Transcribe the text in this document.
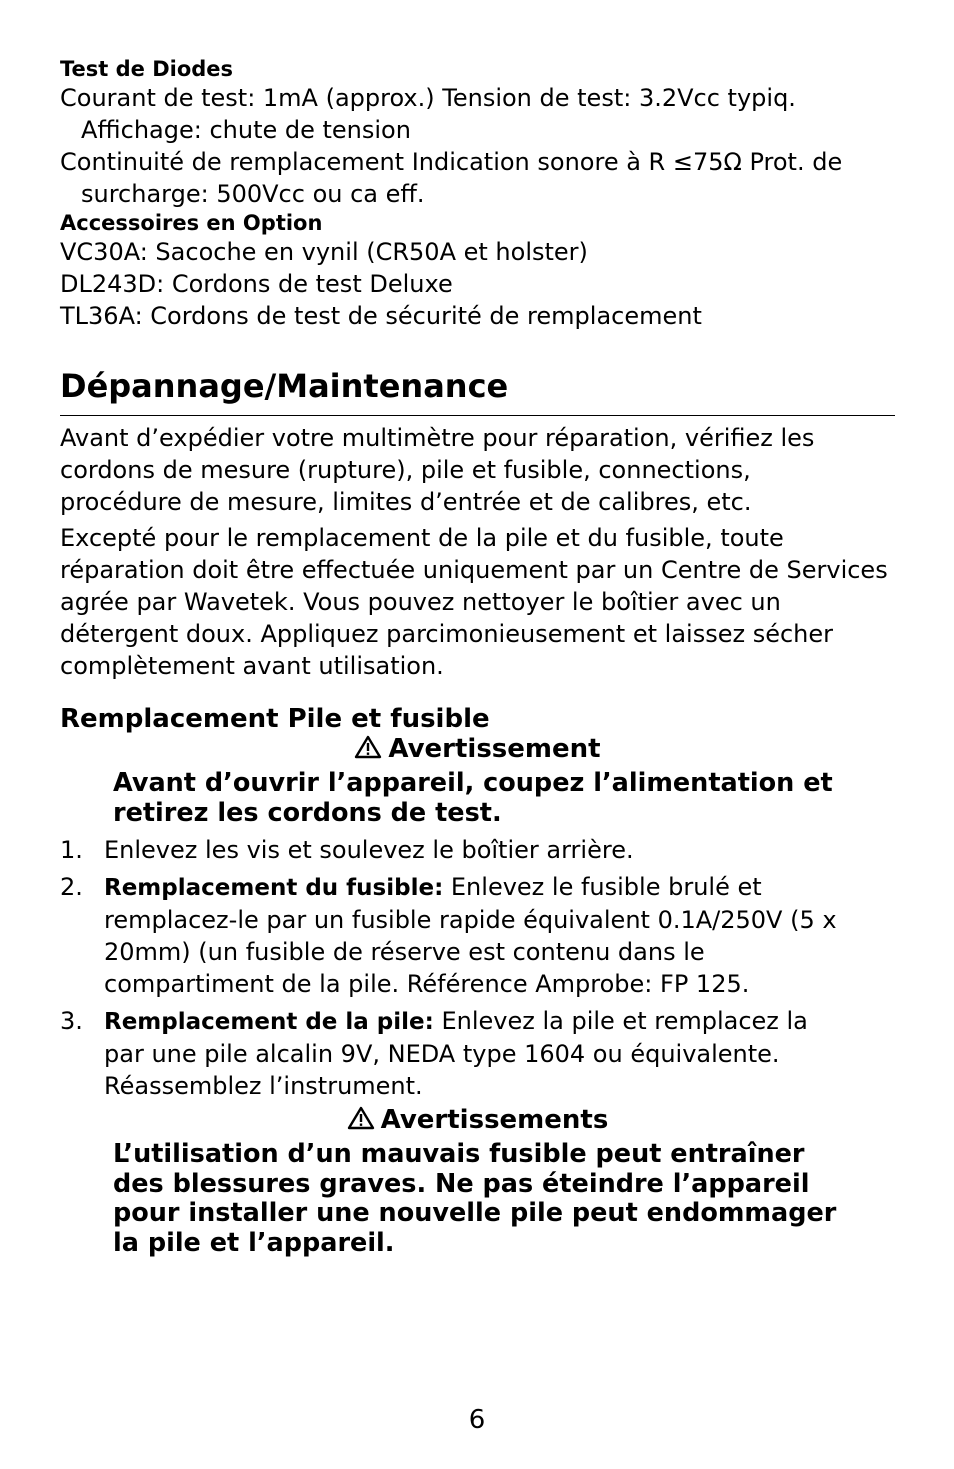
Test de Diodes
Courant de test: 1mA (approx.) Tension de test: 3.2Vcc typiq. Affichage: chute de tension
Continuité de remplacement Indication sonore à R ≤75Ω Prot. de surcharge: 500Vcc ou ca eff.
Accessoires en Option
VC30A: Sacoche en vynil (CR50A et holster)
DL243D: Cordons de test Deluxe
TL36A: Cordons de test de sécurité de remplacement
Dépannage/Maintenance

Avant d’expédier votre multimètre pour réparation, vérifiez les cordons de mesure (rupture), pile et fusible, connections, procédure de mesure, limites d’entrée et de calibres, etc.

Excepté pour le remplacement de la pile et du fusible, toute réparation doit être effectuée uniquement par un Centre de Services agrée par Wavetek. Vous pouvez nettoyer le boîtier avec un détergent doux. Appliquez parcimonieusement et laissez sécher complètement avant utilisation.

Remplacement Pile et fusible
Avertissement
Avant d’ouvrir l’appareil, coupez l’alimentation et retirez les cordons de test.
1. Enlevez les vis et soulevez le boîtier arrière.
2. Remplacement du fusible: Enlevez le fusible brulé et remplacez-le par un fusible rapide équivalent 0.1A/250V (5 x 20mm) (un fusible de réserve est contenu dans le compartiment de la pile. Référence Amprobe: FP 125.
3. Remplacement de la pile: Enlevez la pile et remplacez la par une pile alcalin 9V, NEDA type 1604 ou équivalente. Réassemblez l’instrument.
Avertissements
L’utilisation d’un mauvais fusible peut entraîner des blessures graves. Ne pas éteindre l’appareil pour installer une nouvelle pile peut endommager la pile et l’appareil.
6
